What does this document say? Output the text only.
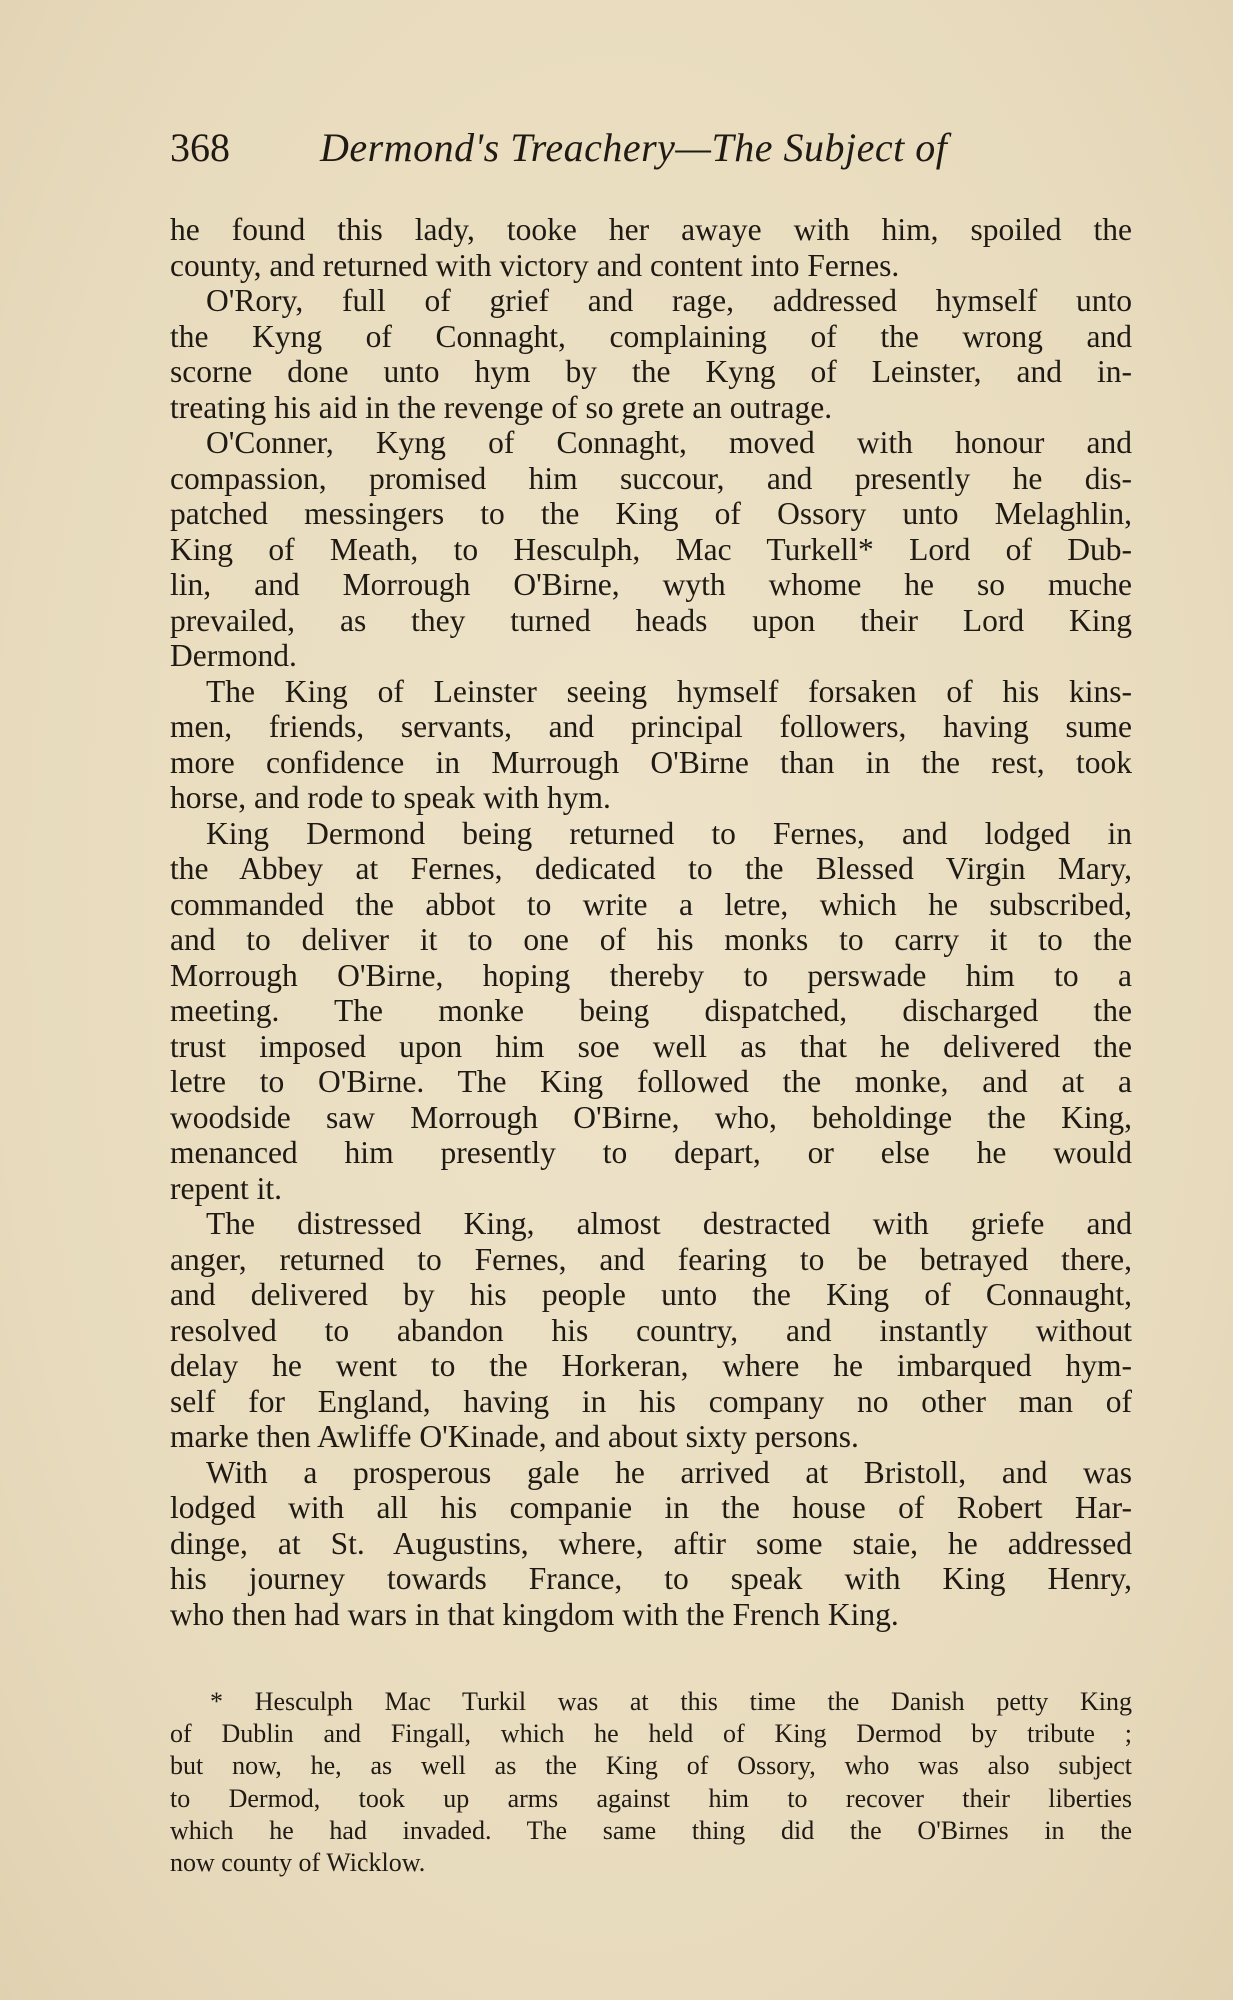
368 Dermond's Treachery—The Subject of
he found this lady, tooke her awaye with him, spoiled the
county, and returned with victory and content into Fernes.
O'Rory, full of grief and rage, addressed hymself unto
the Kyng of Connaght, complaining of the wrong and
scorne done unto hym by the Kyng of Leinster, and in-
treating his aid in the revenge of so grete an outrage.
O'Conner, Kyng of Connaght, moved with honour and
compassion, promised him succour, and presently he dis-
patched messingers to the King of Ossory unto Melaghlin,
King of Meath, to Hesculph, Mac Turkell* Lord of Dub-
lin, and Morrough O'Birne, wyth whome he so muche
prevailed, as they turned heads upon their Lord King
Dermond.
The King of Leinster seeing hymself forsaken of his kins-
men, friends, servants, and principal followers, having sume
more confidence in Murrough O'Birne than in the rest, took
horse, and rode to speak with hym.
King Dermond being returned to Fernes, and lodged in
the Abbey at Fernes, dedicated to the Blessed Virgin Mary,
commanded the abbot to write a letre, which he subscribed,
and to deliver it to one of his monks to carry it to the
Morrough O'Birne, hoping thereby to perswade him to a
meeting. The monke being dispatched, discharged the
trust imposed upon him soe well as that he delivered the
letre to O'Birne. The King followed the monke, and at a
woodside saw Morrough O'Birne, who, beholdinge the King,
menanced him presently to depart, or else he would
repent it.
The distressed King, almost destracted with griefe and
anger, returned to Fernes, and fearing to be betrayed there,
and delivered by his people unto the King of Connaught,
resolved to abandon his country, and instantly without
delay he went to the Horkeran, where he imbarqued hym-
self for England, having in his company no other man of
marke then Awliffe O'Kinade, and about sixty persons.
With a prosperous gale he arrived at Bristoll, and was
lodged with all his companie in the house of Robert Har-
dinge, at St. Augustins, where, aftir some staie, he addressed
his journey towards France, to speak with King Henry,
who then had wars in that kingdom with the French King.
* Hesculph Mac Turkil was at this time the Danish petty King
of Dublin and Fingall, which he held of King Dermod by tribute ;
but now, he, as well as the King of Ossory, who was also subject
to Dermod, took up arms against him to recover their liberties
which he had invaded. The same thing did the O'Birnes in the
now county of Wicklow.
